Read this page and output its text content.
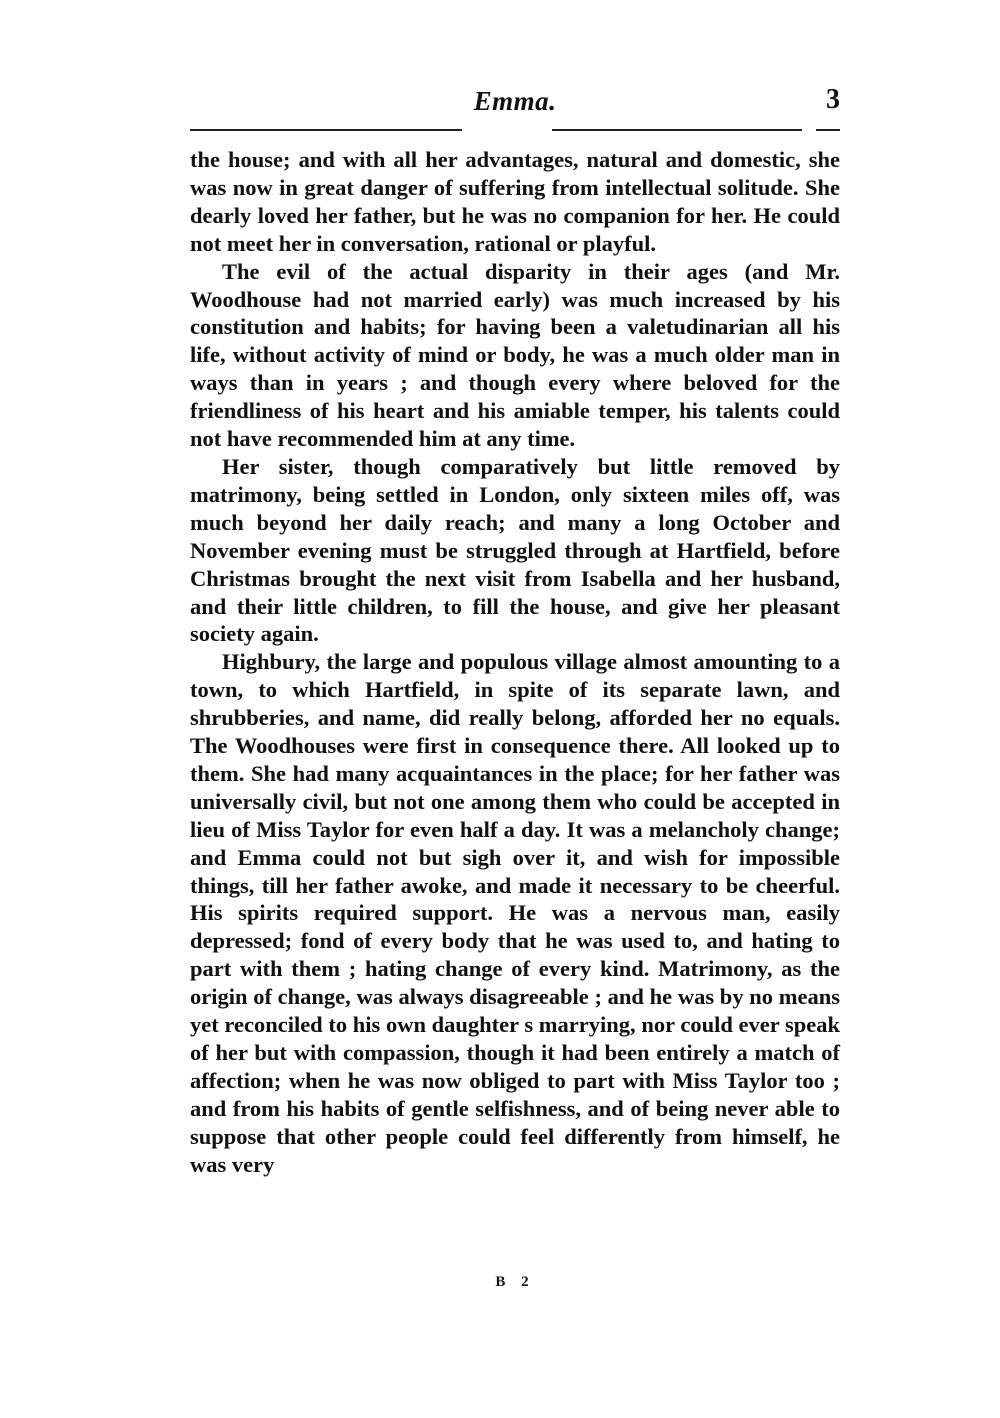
Emma.	3

the house; and with all her advantages, natural and domestic, she was now in great danger of suffering from intellectual solitude. She dearly loved her father, but he was no companion for her. He could not meet her in conversation, rational or playful.

The evil of the actual disparity in their ages (and Mr. Woodhouse had not married early) was much increased by his constitution and habits; for having been a valetudinarian all his life, without activity of mind or body, he was a much older man in ways than in years ; and though every where beloved for the friendliness of his heart and his amiable temper, his talents could not have recommended him at any time.

Her sister, though comparatively but little removed by matrimony, being settled in London, only sixteen miles off, was much beyond her daily reach; and many a long October and November evening must be struggled through at Hartfield, before Christmas brought the next visit from Isabella and her husband, and their little children, to fill the house, and give her pleasant society again.

Highbury, the large and populous village almost amounting to a town, to which Hartfield, in spite of its separate lawn, and shrubberies, and name, did really belong, afforded her no equals. The Woodhouses were first in consequence there. All looked up to them. She had many acquaintances in the place; for her father was universally civil, but not one among them who could be accepted in lieu of Miss Taylor for even half a day. It was a melancholy change; and Emma could not but sigh over it, and wish for impossible things, till her father awoke, and made it necessary to be cheerful. His spirits required support. He was a nervous man, easily depressed; fond of every body that he was used to, and hating to part with them ; hating change of every kind. Matrimony, as the origin of change, was always disagreeable ; and he was by no means yet reconciled to his own daughter s marrying, nor could ever speak of her but with compassion, though it had been entirely a match of affection; when he was now obliged to part with Miss Taylor too ; and from his habits of gentle selfishness, and of being never able to suppose that other people could feel differently from himself, he was very

B 2
